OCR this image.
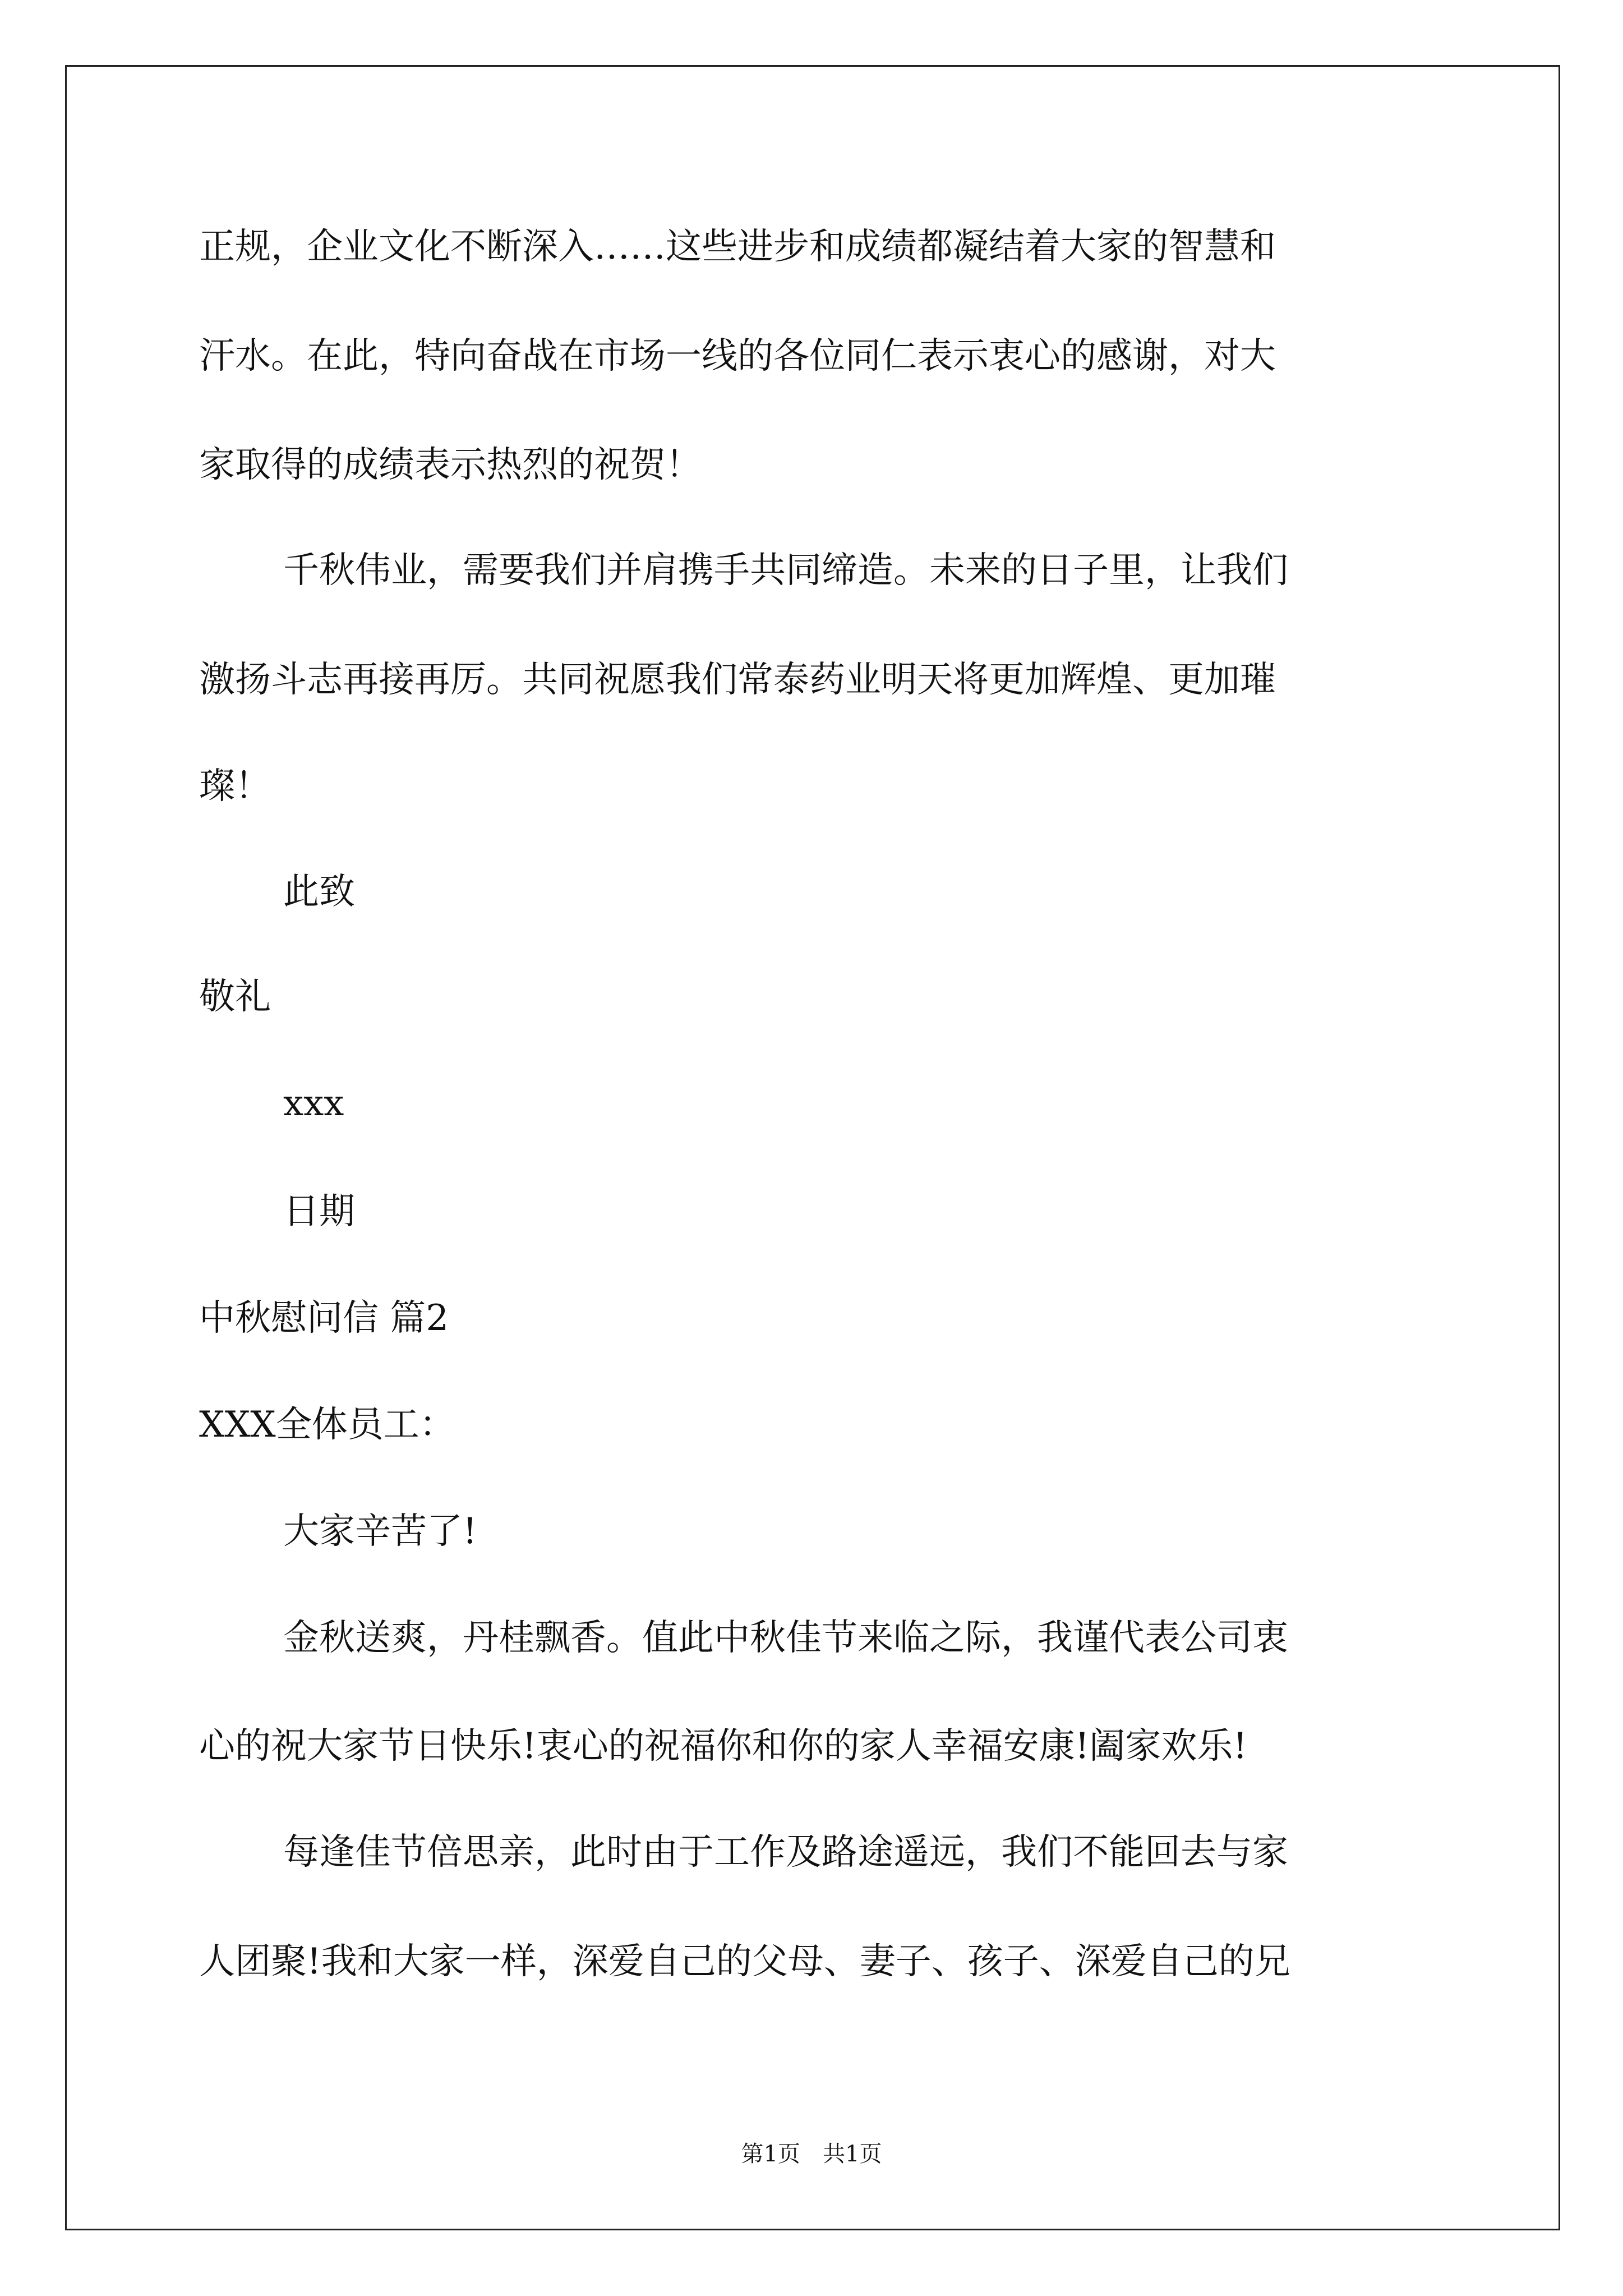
正规，企业文化不断深入……这些进步和成绩都凝结着大家的智慧和
汗水。在此，特向奋战在市场一线的各位同仁表示衷心的感谢，对大
家取得的成绩表示热烈的祝贺！
千秋伟业，需要我们并肩携手共同缔造。未来的日子里，让我们
激扬斗志再接再厉。共同祝愿我们常泰药业明天将更加辉煌、更加璀
璨！
此致
敬礼
xxx
日期
中秋慰问信 篇2
XXX全体员工：
大家辛苦了!
金秋送爽，丹桂飘香。值此中秋佳节来临之际，我谨代表公司衷
心的祝大家节日快乐!衷心的祝福你和你的家人幸福安康!阖家欢乐!
每逢佳节倍思亲，此时由于工作及路途遥远，我们不能回去与家
人团聚!我和大家一样，深爱自己的父母、妻子、孩子、深爱自己的兄
第1页　共1页
